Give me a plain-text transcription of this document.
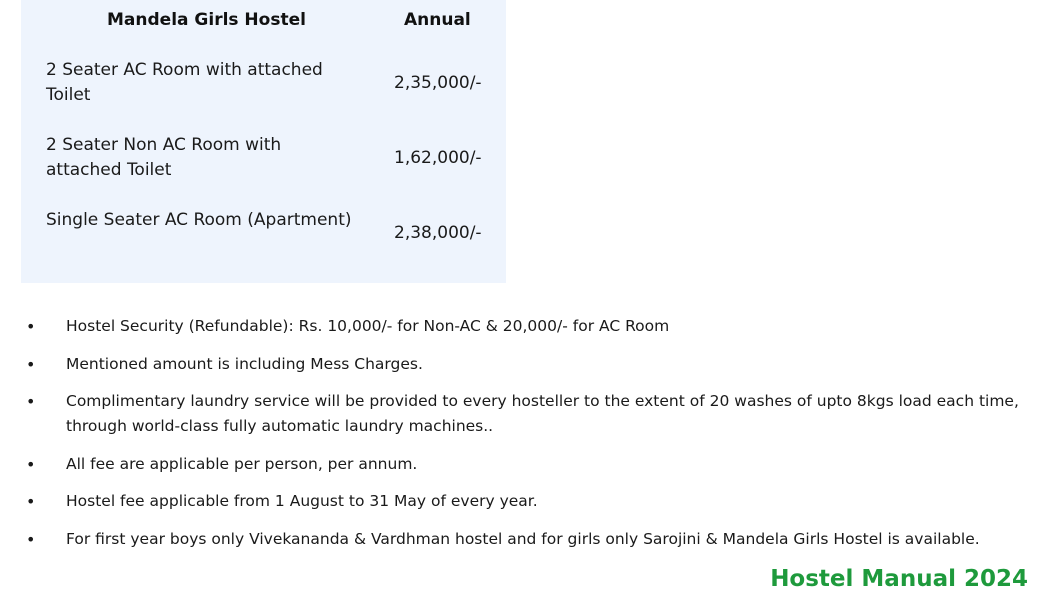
Mandela Girls Hostel	Annual
2 Seater AC Room with attached Toilet
2,35,000/-
2 Seater Non AC Room with attached Toilet
1,62,000/-
Single Seater AC Room (Apartment)
2,38,000/-
• Hostel Security (Refundable): Rs. 10,000/- for Non-AC & 20,000/- for AC Room
• Mentioned amount is including Mess Charges.
• Complimentary laundry service will be provided to every hosteller to the extent of 20 washes of upto 8kgs load each time, through world-class fully automatic laundry machines..
• All fee are applicable per person, per annum.
• Hostel fee applicable from 1 August to 31 May of every year.
• For first year boys only Vivekananda & Vardhman hostel and for girls only Sarojini & Mandela Girls Hostel is available.
Hostel Manual 2024
